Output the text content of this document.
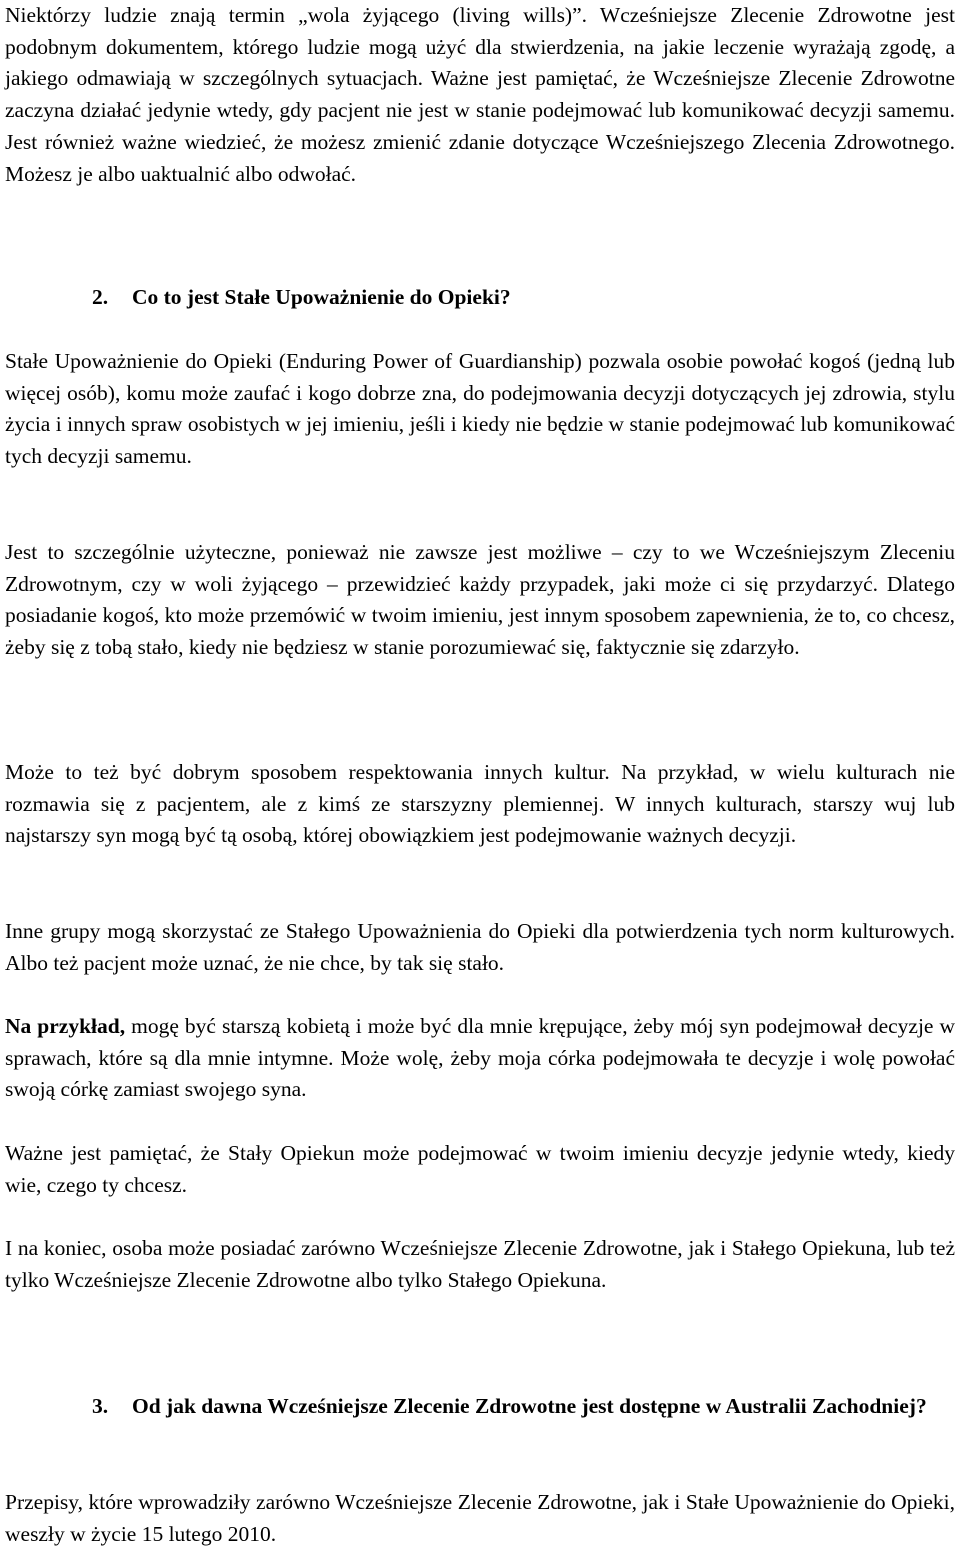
Niektórzy ludzie znają termin „wola żyjącego (living wills)”. Wcześniejsze Zlecenie Zdrowotne jest podobnym dokumentem, którego ludzie mogą użyć dla stwierdzenia, na jakie leczenie wyrażają zgodę, a jakiego odmawiają w szczególnych sytuacjach. Ważne jest pamiętać, że Wcześniejsze Zlecenie Zdrowotne zaczyna działać jedynie wtedy, gdy pacjent nie jest w stanie podejmować lub komunikować decyzji samemu. Jest również ważne wiedzieć, że możesz zmienić zdanie dotyczące Wcześniejszego Zlecenia Zdrowotnego. Możesz je albo uaktualnić albo odwołać.

2.	Co to jest Stałe Upoważnienie do Opieki?

Stałe Upoważnienie do Opieki (Enduring Power of Guardianship) pozwala osobie powołać kogoś (jedną lub więcej osób), komu może zaufać i kogo dobrze zna, do podejmowania decyzji dotyczących jej zdrowia, stylu życia i innych spraw osobistych w jej imieniu, jeśli i kiedy nie będzie w stanie podejmować lub komunikować tych decyzji samemu.

Jest to szczególnie użyteczne, ponieważ nie zawsze jest możliwe – czy to we Wcześniejszym Zleceniu Zdrowotnym, czy w woli żyjącego – przewidzieć każdy przypadek, jaki może ci się przydarzyć. Dlatego posiadanie kogoś, kto może przemówić w twoim imieniu, jest innym sposobem zapewnienia, że to, co chcesz, żeby się z tobą stało, kiedy nie będziesz w stanie porozumiewać się, faktycznie się zdarzyło.

Może to też być dobrym sposobem respektowania innych kultur. Na przykład, w wielu kulturach nie rozmawia się z pacjentem, ale z kimś ze starszyzny plemiennej. W innych kulturach, starszy wuj lub najstarszy syn mogą być tą osobą, której obowiązkiem jest podejmowanie ważnych decyzji.

Inne grupy mogą skorzystać ze Stałego Upoważnienia do Opieki dla potwierdzenia tych norm kulturowych. Albo też pacjent może uznać, że nie chce, by tak się stało.

Na przykład, mogę być starszą kobietą i może być dla mnie krępujące, żeby mój syn podejmował decyzje w sprawach, które są dla mnie intymne. Może wolę, żeby moja córka podejmowała te decyzje i wolę powołać swoją córkę zamiast swojego syna.

Ważne jest pamiętać, że Stały Opiekun może podejmować w twoim imieniu decyzje jedynie wtedy, kiedy wie, czego ty chcesz.

I na koniec, osoba może posiadać zarówno Wcześniejsze Zlecenie Zdrowotne, jak i Stałego Opiekuna, lub też tylko Wcześniejsze Zlecenie Zdrowotne albo tylko Stałego Opiekuna.

3.	Od jak dawna Wcześniejsze Zlecenie Zdrowotne jest dostępne w Australii Zachodniej?

Przepisy, które wprowadziły zarówno Wcześniejsze Zlecenie Zdrowotne, jak i Stałe Upoważnienie do Opieki, weszły w życie 15 lutego 2010.
